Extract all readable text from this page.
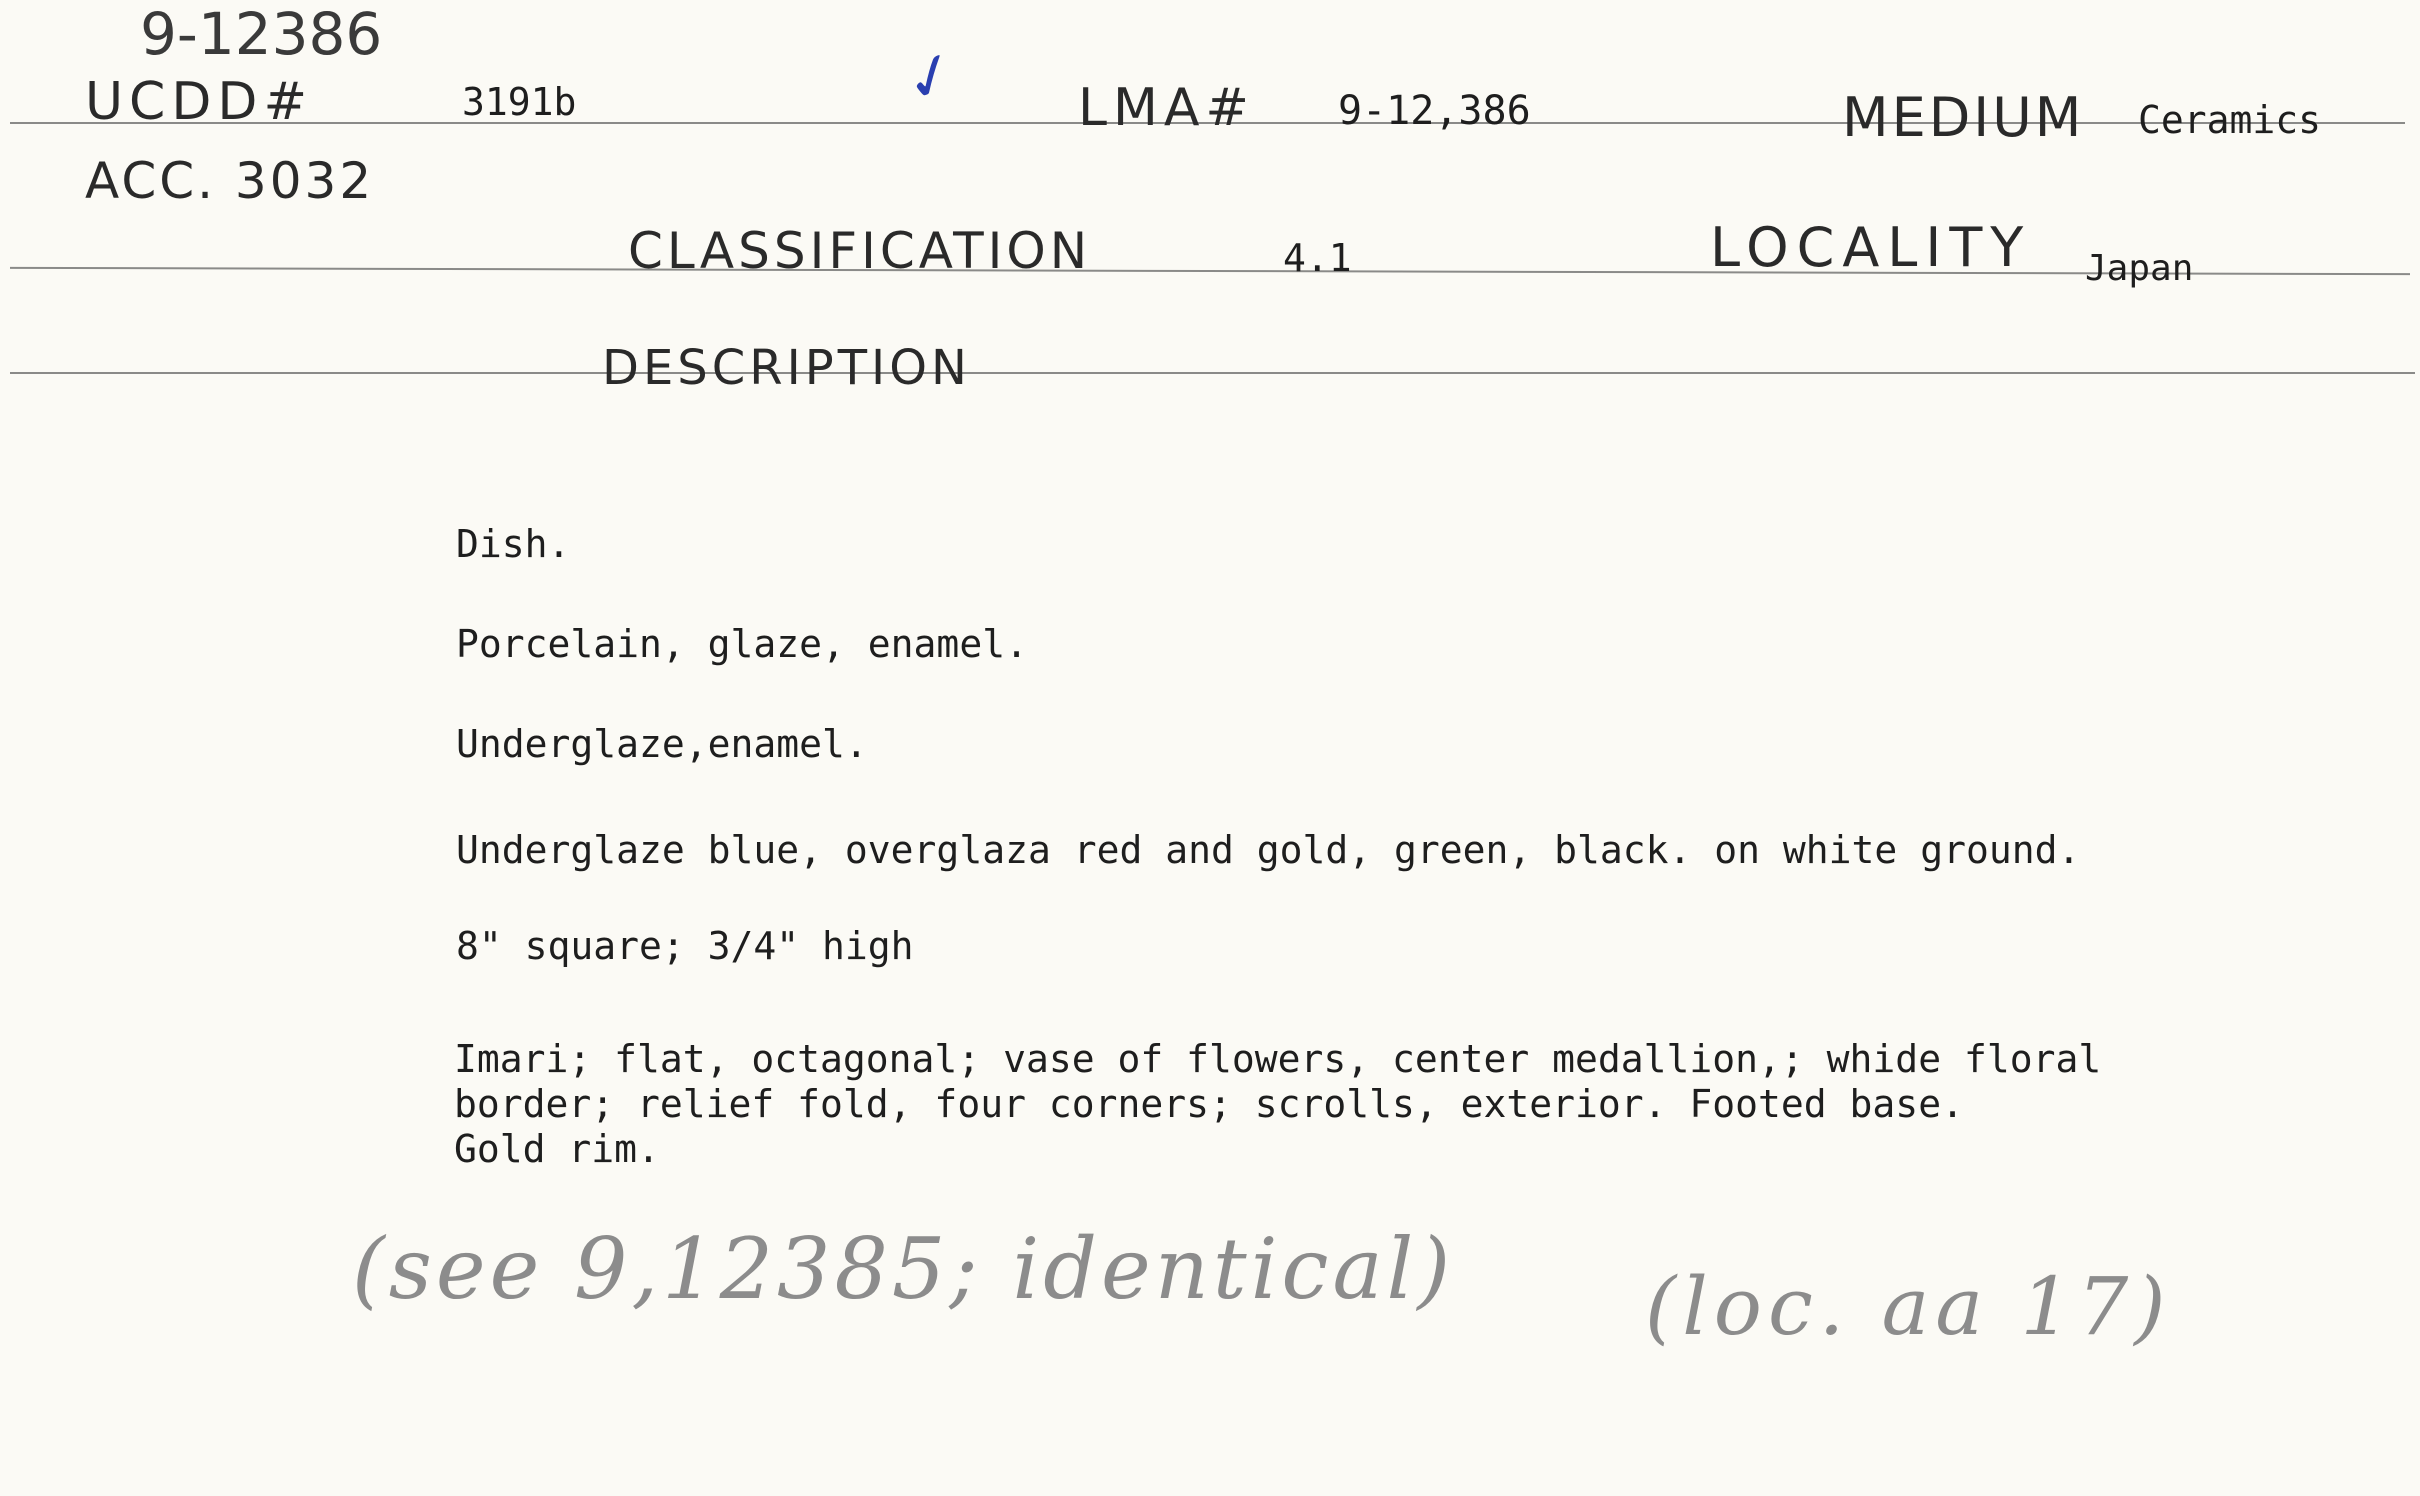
9-12386
UCDD#	3191b
ACC. 3032
✓ LMA# 9-12,386	MEDIUM Ceramics
CLASSIFICATION	4.1	LOCALITY Japan
DESCRIPTION
Dish.
Porcelain, glaze, enamel.
Underglaze,enamel.
Underglaze blue, overglaza red and gold, green, black. on white ground.
8" square; 3/4" high
Imari; flat, octagonal; vase of flowers, center medallion,; whide floral
border; relief fold, four corners; scrolls, exterior. Footed base.
Gold rim.
(see 9,12385; identical) (loc. aa 17)
